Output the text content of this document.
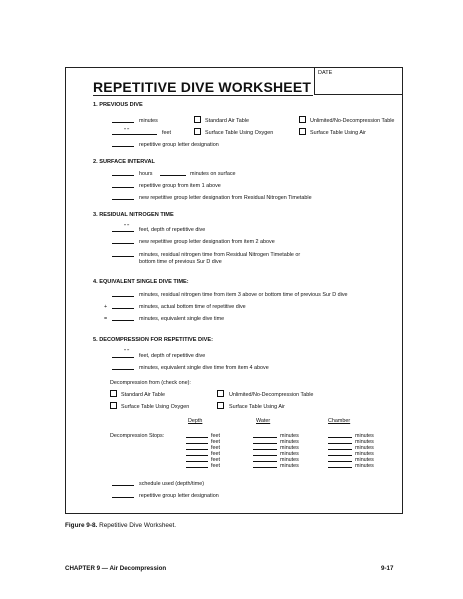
DATE
REPETITIVE DIVE WORKSHEET
1. PREVIOUS DIVE
minutes	Standard Air Table	Unlimited/No-Decompression Table
" "	feet	Surface Table Using Oxygen	Surface Table Using Air
repetitive group letter designation
2. SURFACE INTERVAL
hours	minutes on surface
repetitive group from item 1 above
new repetitive group letter designation from Residual Nitrogen Timetable
3. RESIDUAL NITROGEN TIME
" " feet, depth of repetitive dive
new repetitive group letter designation from item 2 above
minutes, residual nitrogen time from Residual Nitrogen Timetable or
bottom time of previous Sur D dive
4. EQUIVALENT SINGLE DIVE TIME:
minutes, residual nitrogen time from item 3 above or bottom time of previous Sur D dive
+	minutes, actual bottom time of repetitive dive
=	minutes, equivalent single dive time
5. DECOMPRESSION FOR REPETITIVE DIVE:
" "
feet, depth of repetitive dive
minutes, equivalent single dive time from item 4 above
Decompression from (check one):
Standard Air Table	Unlimited/No-Decompression Table
Surface Table Using Oxygen	Surface Table Using Air
Depth	Water	Chamber
Decompression Stops:	feet	minutes	minutes
feet	minutes	minutes
feet	minutes	minutes
feet	minutes	minutes
feet	minutes	minutes
feet	minutes	minutes
schedule used (depth/time)
repetitive group letter designation
Figure 9-8. Repetitive Dive Worksheet.
CHAPTER 9 — Air Decompression	9-17
